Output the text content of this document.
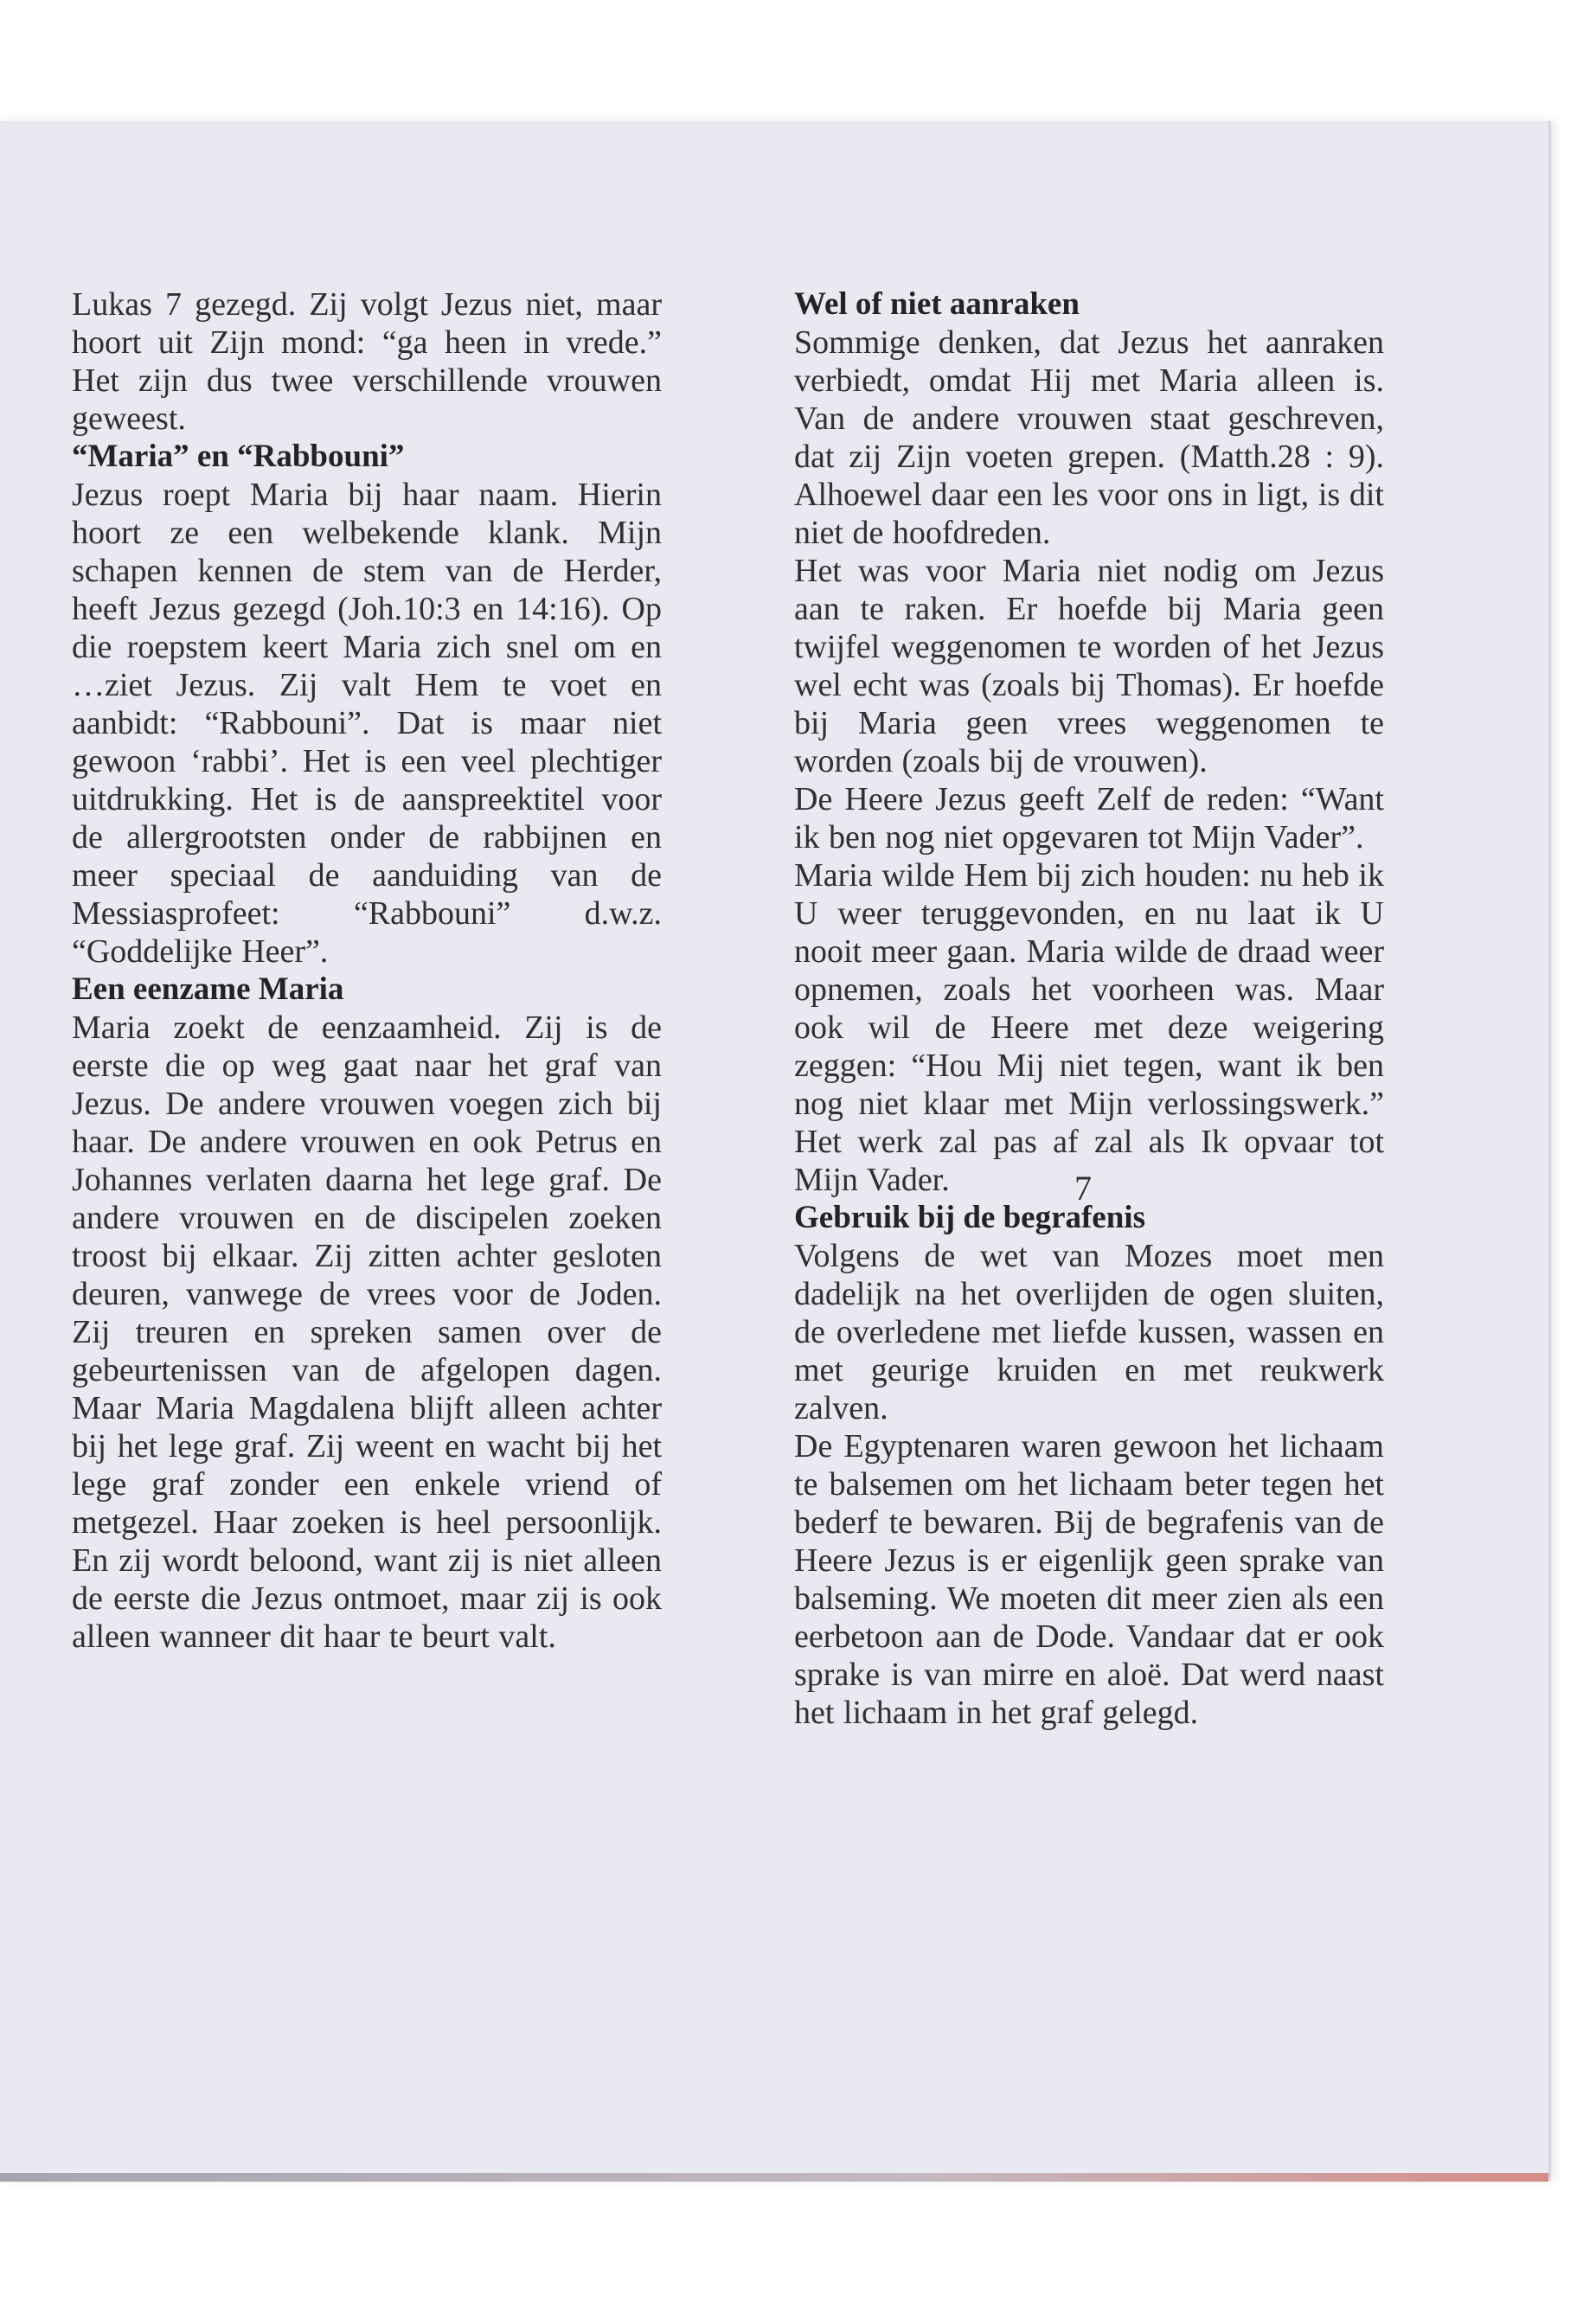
Lukas 7 gezegd. Zij volgt Jezus niet, maar hoort uit Zijn mond: “ga heen in vrede.” Het zijn dus twee verschillende vrouwen geweest.

“Maria” en “Rabbouni”

Jezus roept Maria bij haar naam. Hierin hoort ze een welbekende klank. Mijn schapen kennen de stem van de Herder, heeft Jezus gezegd (Joh.10:3 en 14:16). Op die roepstem keert Maria zich snel om en …ziet Jezus. Zij valt Hem te voet en aanbidt: “Rabbouni”. Dat is maar niet gewoon ‘rabbi’. Het is een veel plechtiger uitdrukking. Het is de aanspreektitel voor de allergrootsten onder de rabbijnen en meer speciaal de aanduiding van de Messiasprofeet: “Rabbouni” d.w.z. “Goddelijke Heer”.

Een eenzame Maria

Maria zoekt de eenzaamheid. Zij is de eerste die op weg gaat naar het graf van Jezus. De andere vrouwen voegen zich bij haar. De andere vrouwen en ook Petrus en Johannes verlaten daarna het lege graf. De andere vrouwen en de discipelen zoeken troost bij elkaar. Zij zitten achter gesloten deuren, vanwege de vrees voor de Joden. Zij treuren en spreken samen over de gebeurtenissen van de afgelopen dagen. Maar Maria Magdalena blijft alleen achter bij het lege graf. Zij weent en wacht bij het lege graf zonder een enkele vriend of metgezel. Haar zoeken is heel persoonlijk. En zij wordt beloond, want zij is niet alleen de eerste die Jezus ontmoet, maar zij is ook alleen wanneer dit haar te beurt valt.

Wel of niet aanraken

Sommige denken, dat Jezus het aanraken verbiedt, omdat Hij met Maria alleen is. Van de andere vrouwen staat geschreven, dat zij Zijn voeten grepen. (Matth.28 : 9). Alhoewel daar een les voor ons in ligt, is dit niet de hoofdreden.

Het was voor Maria niet nodig om Jezus aan te raken. Er hoefde bij Maria geen twijfel weggenomen te worden of het Jezus wel echt was (zoals bij Thomas). Er hoefde bij Maria geen vrees weggenomen te worden (zoals bij de vrouwen).

De Heere Jezus geeft Zelf de reden: “Want ik ben nog niet opgevaren tot Mijn Vader”.

Maria wilde Hem bij zich houden: nu heb ik U weer teruggevonden, en nu laat ik U nooit meer gaan. Maria wilde de draad weer opnemen, zoals het voorheen was. Maar ook wil de Heere met deze weigering zeggen: “Hou Mij niet tegen, want ik ben nog niet klaar met Mijn verlossingswerk.” Het werk zal pas af zal als Ik opvaar tot Mijn Vader.

Gebruik bij de begrafenis

Volgens de wet van Mozes moet men dadelijk na het overlijden de ogen sluiten, de overledene met liefde kussen, wassen en met geurige kruiden en met reukwerk zalven.

De Egyptenaren waren gewoon het lichaam te balsemen om het lichaam beter tegen het bederf te bewaren. Bij de begrafenis van de Heere Jezus is er eigenlijk geen sprake van balseming. We moeten dit meer zien als een eerbetoon aan de Dode. Vandaar dat er ook sprake is van mirre en aloë. Dat werd naast het lichaam in het graf gelegd.

7
